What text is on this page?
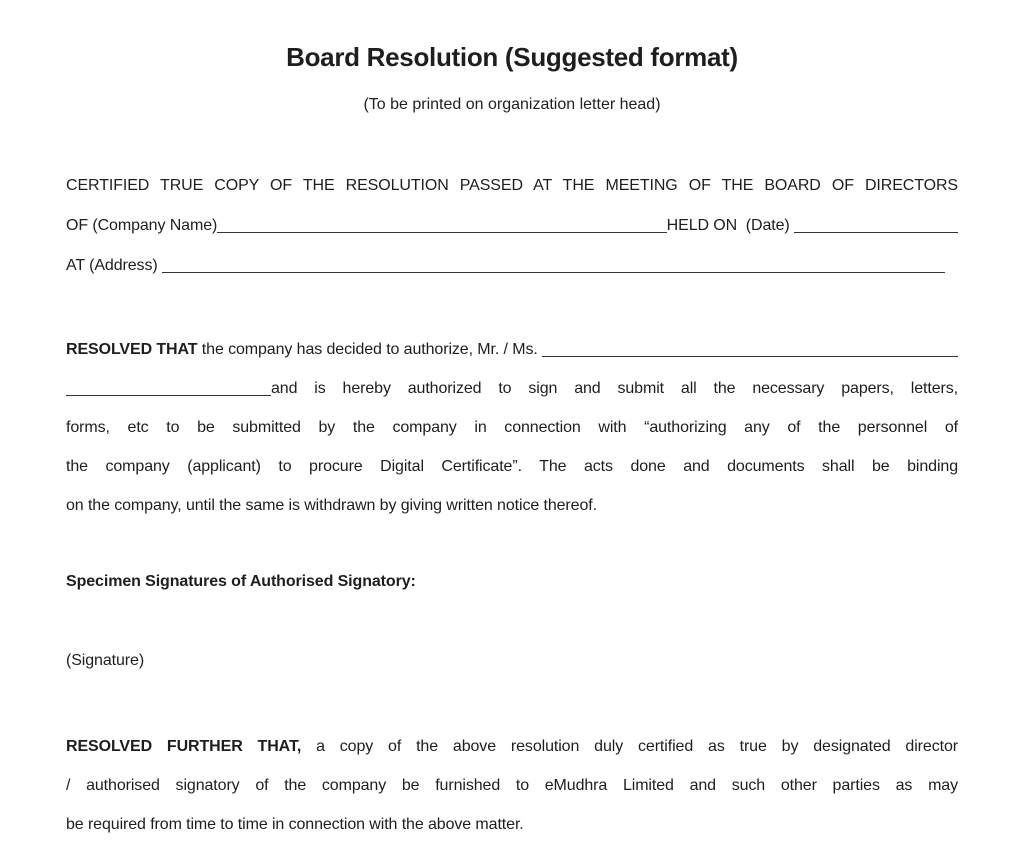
Board Resolution (Suggested format)
(To be printed on organization letter head)
CERTIFIED TRUE COPY OF THE RESOLUTION PASSED AT THE MEETING OF THE BOARD OF DIRECTORS
OF (Company Name)	HELD ON  (Date)
AT (Address)
RESOLVED THAT the company has decided to authorize, Mr. / Ms.
and is hereby authorized to sign and submit all the necessary papers, letters,
forms, etc to be submitted by the company in connection with “authorizing any of the personnel of
the company (applicant) to procure Digital Certificate”. The acts done and documents shall be binding
on the company, until the same is withdrawn by giving written notice thereof.
Specimen Signatures of Authorised Signatory:
(Signature)
RESOLVED FURTHER THAT, a copy of the above resolution duly certified as true by designated director
/ authorised signatory of the company be furnished to eMudhra Limited and such other parties as may
be required from time to time in connection with the above matter.
